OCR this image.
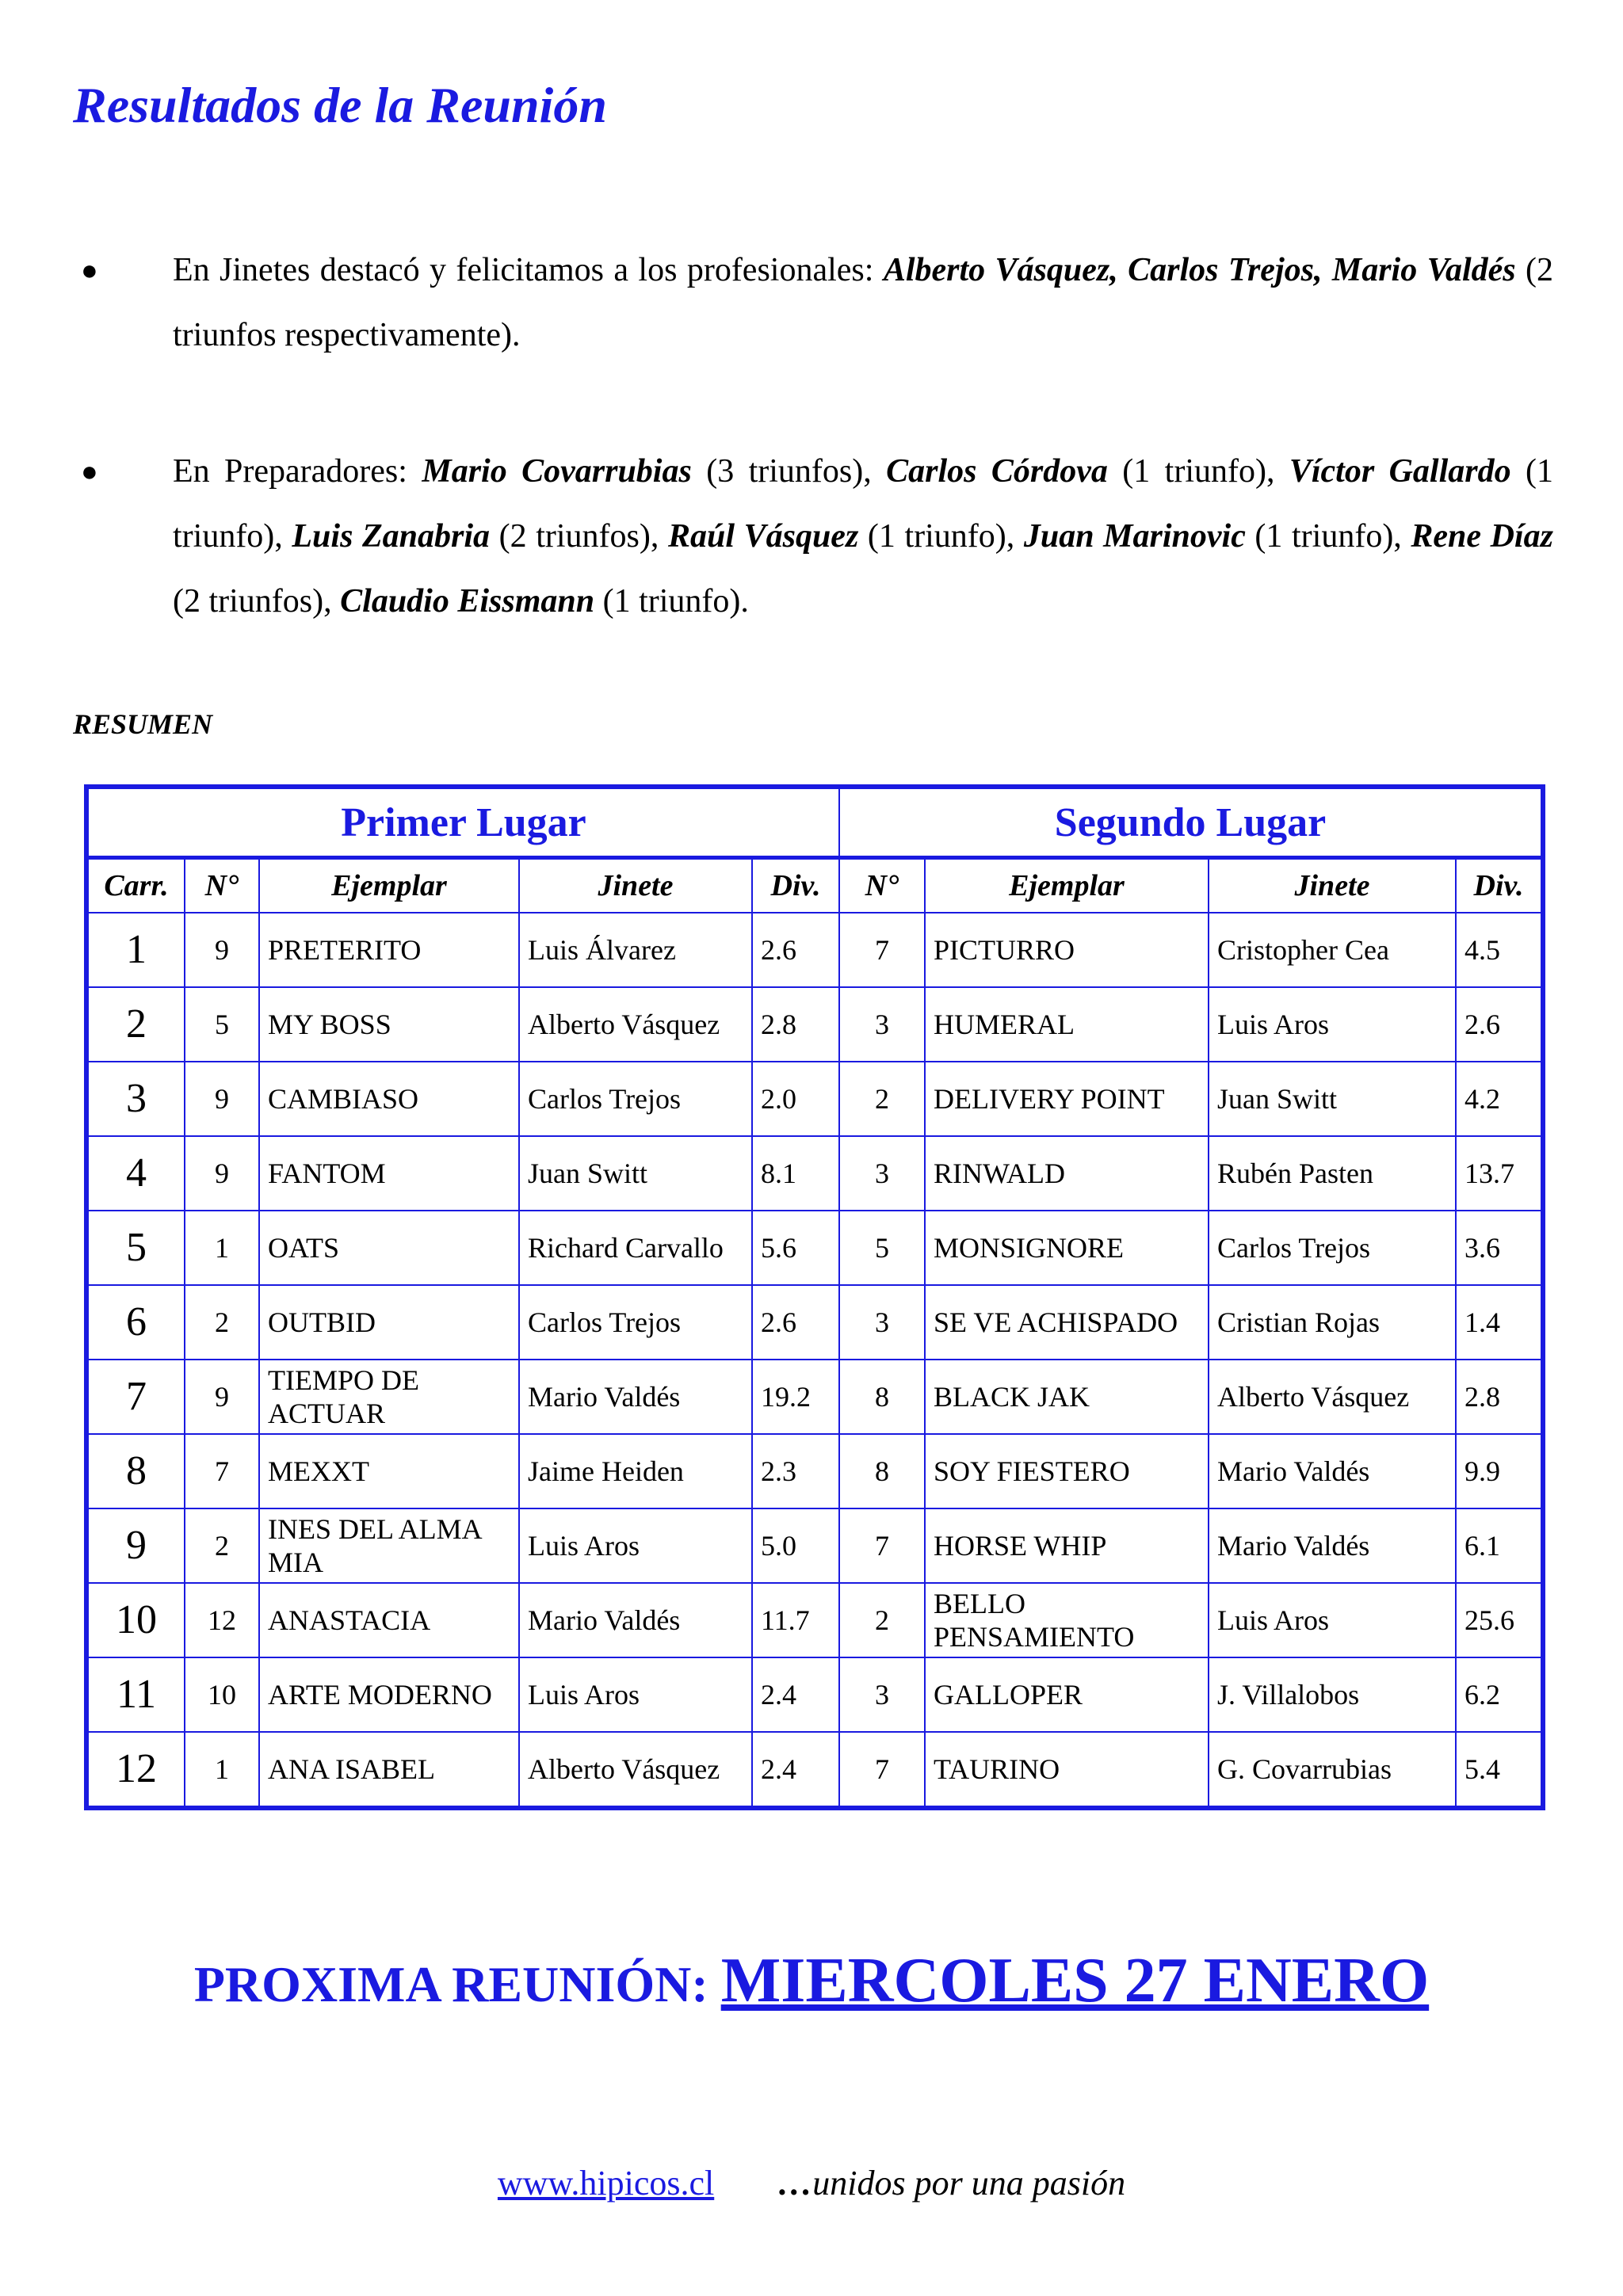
Resultados de la Reunión
● En Jinetes destacó y felicitamos a los profesionales: Alberto Vásquez, Carlos Trejos, Mario Valdés (2 triunfos respectivamente).
● En Preparadores: Mario Covarrubias (3 triunfos), Carlos Córdova (1 triunfo), Víctor Gallardo (1 triunfo), Luis Zanabria (2 triunfos), Raúl Vásquez (1 triunfo), Juan Marinovic (1 triunfo), Rene Díaz (2 triunfos), Claudio Eissmann (1 triunfo).
RESUMEN
Primer Lugar					Segundo Lugar			
Carr.	N°	Ejemplar	Jinete	Div.	N°	Ejemplar	Jinete	Div.
1	9	PRETERITO	Luis Álvarez	2.6	7	PICTURRO	Cristopher Cea	4.5
2	5	MY BOSS	Alberto Vásquez	2.8	3	HUMERAL	Luis Aros	2.6
3	9	CAMBIASO	Carlos Trejos	2.0	2	DELIVERY POINT	Juan Switt	4.2
4	9	FANTOM	Juan Switt	8.1	3	RINWALD	Rubén Pasten	13.7
5	1	OATS	Richard Carvallo	5.6	5	MONSIGNORE	Carlos Trejos	3.6
6	2	OUTBID	Carlos Trejos	2.6	3	SE VE ACHISPADO	Cristian Rojas	1.4
7	9	TIEMPO DE ACTUAR	Mario Valdés	19.2	8	BLACK JAK	Alberto Vásquez	2.8
8	7	MEXXT	Jaime Heiden	2.3	8	SOY FIESTERO	Mario Valdés	9.9
9	2	INES DEL ALMA MIA	Luis Aros	5.0	7	HORSE WHIP	Mario Valdés	6.1
10	12	ANASTACIA	Mario Valdés	11.7	2	BELLO PENSAMIENTO	Luis Aros	25.6
11	10	ARTE MODERNO	Luis Aros	2.4	3	GALLOPER	J. Villalobos	6.2
12	1	ANA ISABEL	Alberto Vásquez	2.4	7	TAURINO	G. Covarrubias	5.4
PROXIMA REUNIÓN: MIERCOLES 27 ENERO
www.hipicos.cl …unidos por una pasión
